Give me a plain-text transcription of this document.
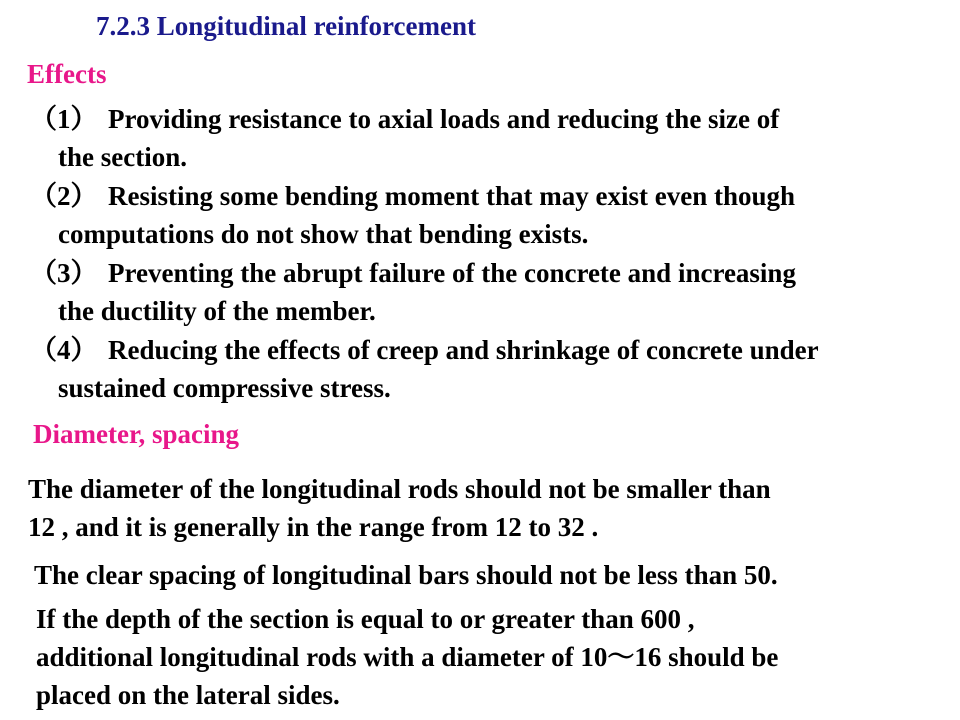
7.2.3 Longitudinal reinforcement
Effects
（1） Providing resistance to axial loads and reducing the size of
the section.
（2） Resisting some bending moment that may exist even though
computations do not show that bending exists.
（3） Preventing the abrupt failure of the concrete and increasing
the ductility of the member.
（4） Reducing the effects of creep and shrinkage of concrete under
sustained compressive stress.
Diameter, spacing
The diameter of the longitudinal rods should not be smaller than
12 , and it is generally in the range from 12 to 32 .
The clear spacing of longitudinal bars should not be less than 50.
If the depth of the section is equal to or greater than 600 ,
additional longitudinal rods with a diameter of 10～16 should be
placed on the lateral sides.
